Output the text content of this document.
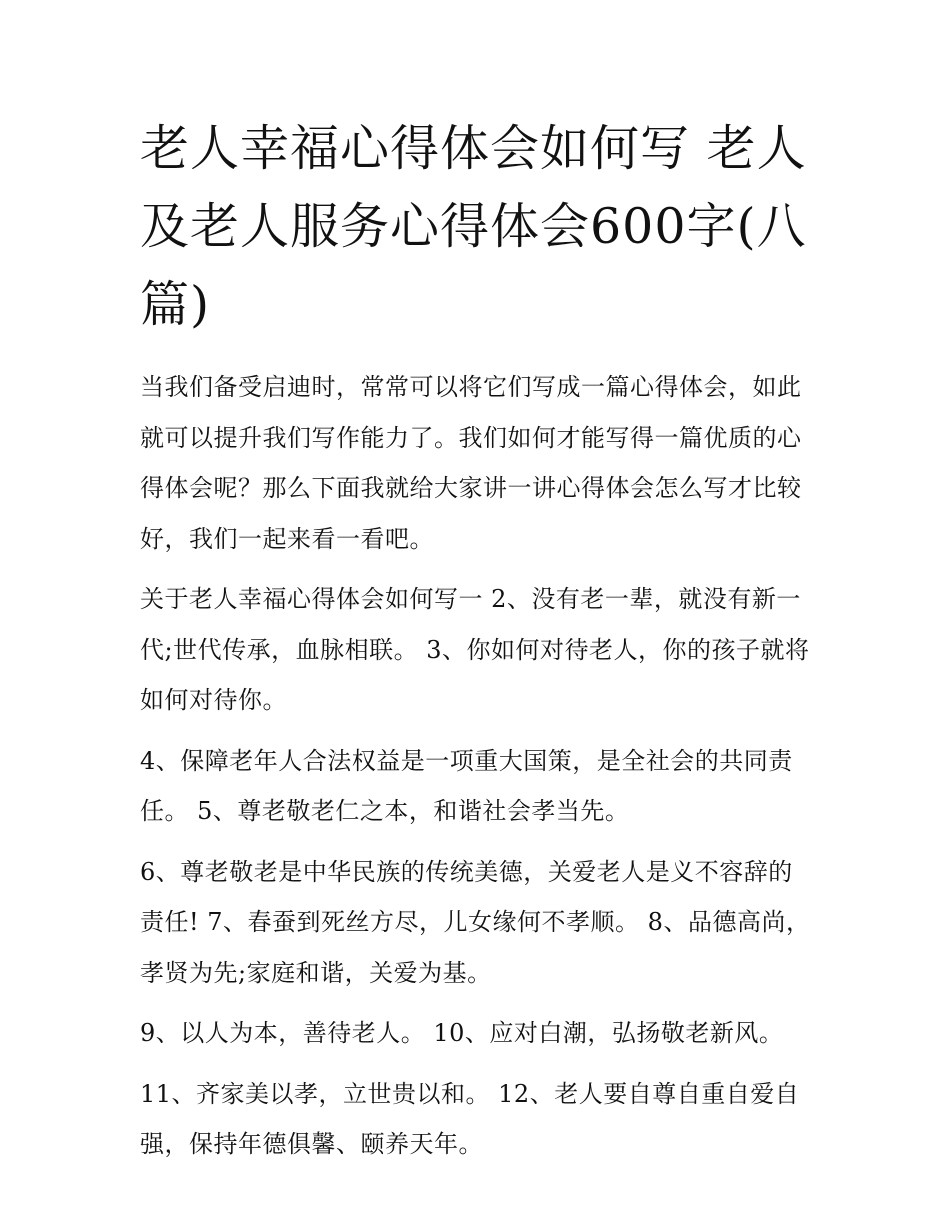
老人幸福心得体会如何写 老人及老人服务心得体会600字(八篇)

当我们备受启迪时，常常可以将它们写成一篇心得体会，如此就可以提升我们写作能力了。我们如何才能写得一篇优质的心得体会呢？那么下面我就给大家讲一讲心得体会怎么写才比较好，我们一起来看一看吧。

关于老人幸福心得体会如何写一 2、没有老一辈，就没有新一代;世代传承，血脉相联。 3、你如何对待老人，你的孩子就将如何对待你。

4、保障老年人合法权益是一项重大国策，是全社会的共同责任。 5、尊老敬老仁之本，和谐社会孝当先。

6、尊老敬老是中华民族的传统美德，关爱老人是义不容辞的责任! 7、春蚕到死丝方尽，儿女缘何不孝顺。 8、品德高尚，孝贤为先;家庭和谐，关爱为基。

9、以人为本，善待老人。 10、应对白潮，弘扬敬老新风。

11、齐家美以孝，立世贵以和。 12、老人要自尊自重自爱自强，保持年德俱馨、颐养天年。
